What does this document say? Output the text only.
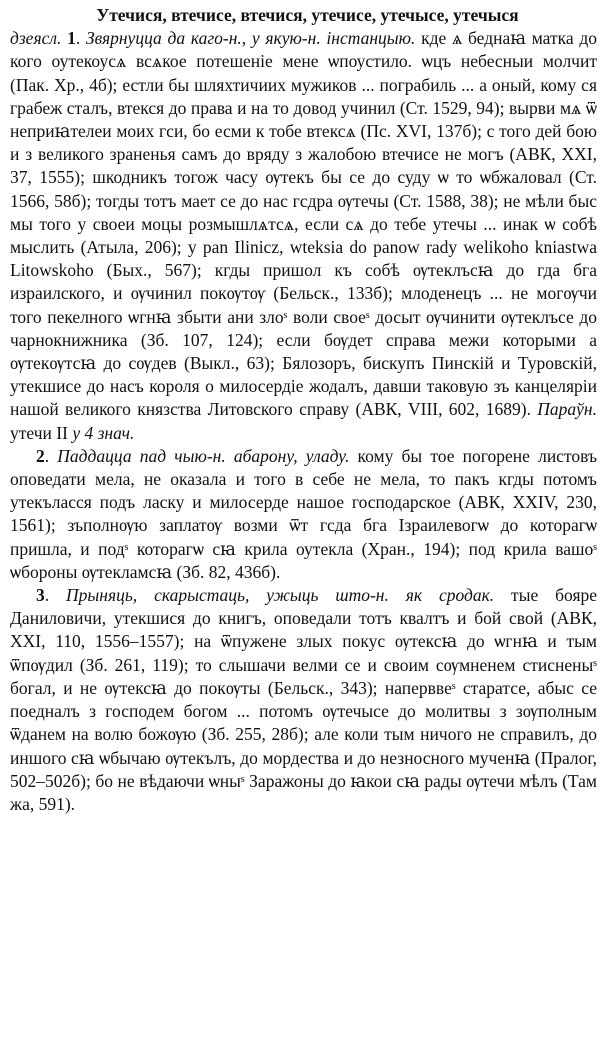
Утечися, втечисе, втечися, утечисе, утечысе, утечыся

дзеясл. 1. Звярнуцца да каго-н., у якую-н. інстанцыю. кде ѧ беднаꙗ матка до кого оутекоусѧ всѧкое потешеніе мене ѡпоустило. ѡцъ небесныи молчит (Пак. Хр., 4б); естли бы шляхтичиих мужиков ... погрaбиль ... а оный, кому ся грабеж сталъ, втекся до права и на то довод учинил (Ст. 1529, 94); вырви мѧ ѿ неприꙗтелеи моих гси, бо есми к тобе втексѧ (Пс. XVI, 137б); с того дей бою и з великого зраненья самъ до вряду з жалобою втечисе не могъ (АВК, XXI, 37, 1555); шкодникъ тогож часу ѹтекъ бы се до суду ѡ то ѡбжаловал (Ст. 1566, 58б); тогды тотъ мает се до нас гсдра ѹтечы (Ст. 1588, 38); не мѣли быс мы того у своеи моцы розмышлѧтсѧ, если сѧ до тебе утечы ... инак ѡ собѣ мыслить (Атыла, 206); у pan Ilinicz, wteksia do panow rady welikoho kniastwa Litowskoho (Бых., 567); кгды пришол къ собѣ ѹтеклъсꙗ до гда бга израилского, и ѹчинил покѹтѹ (Бельск., 133б); млоденецъ ... не могѹчи того пекелного ѡгнꙗ збыти ани злоˢ воли своеˢ досыт ѹчинити ѹтеклъсе до чарнокнижника (Зб. 107, 124); если бѹдет справа межи которыми а ѹтекѹтсꙗ до сѹдев (Выкл., 63); Бялозоръ, бискупъ Пинскій и Туровскій, утекшисе до насъ короля о милосердіе жодалъ, давши таковую зъ канцеляріи нашой великого князства Литовского справу (АВК, VIII, 602, 1689). Параўн. утечи II у 4 знач.

2. Паддацца пад чыю-н. абарону, уладу. кому бы тое погорене листовъ оповедати мела, не оказала и того в себе не мела, то пакъ кгды потомъ утекъласся подъ ласку и милосерде нашое господарское (АВК, XXIV, 230, 1561); зъполнѹю заплатѹ возми ѿт гсда бга Ізраилевогѡ до которагѡ пришла, и подˢ которагѡ сꙗ крила оутекла (Хран., 194); под крила вашоˢ ѡбороны ѹтекламсꙗ (Зб. 82, 436б).

3. Прыняць, скарыстаць, ужыць што-н. як сродак. тые бояре Даниловичи, утекшися до книгъ, оповедали тотъ квалтъ и бой свой (АВК, XXI, 110, 1556–1557); на ѿпужене злых покус ѹтексꙗ до ѡгнꙗ и тым ѿпѹдил (Зб. 261, 119); то слышачи велми се и своим сѹмненем стисненыˢ богал, и не ѹтексꙗ до покѹты (Бельск., 343); наперввеˢ старатсе, абыс се поедналъ з господем богом ... потомъ ѹтечысе до молитвы з зѹполным ѿданем на волю божѹю (Зб. 255, 28б); але коли тым ничого не справилъ, до иншого сꙗ ѡбычаю ѹтекълъ, до мордества и до незносного мученꙗ (Пралог, 502–502б); бо не вѣдаючи ѡныˢ Заражоны до ꙗкои сꙗ рады ѹтечи мѣлъ (Там жа, 591).
